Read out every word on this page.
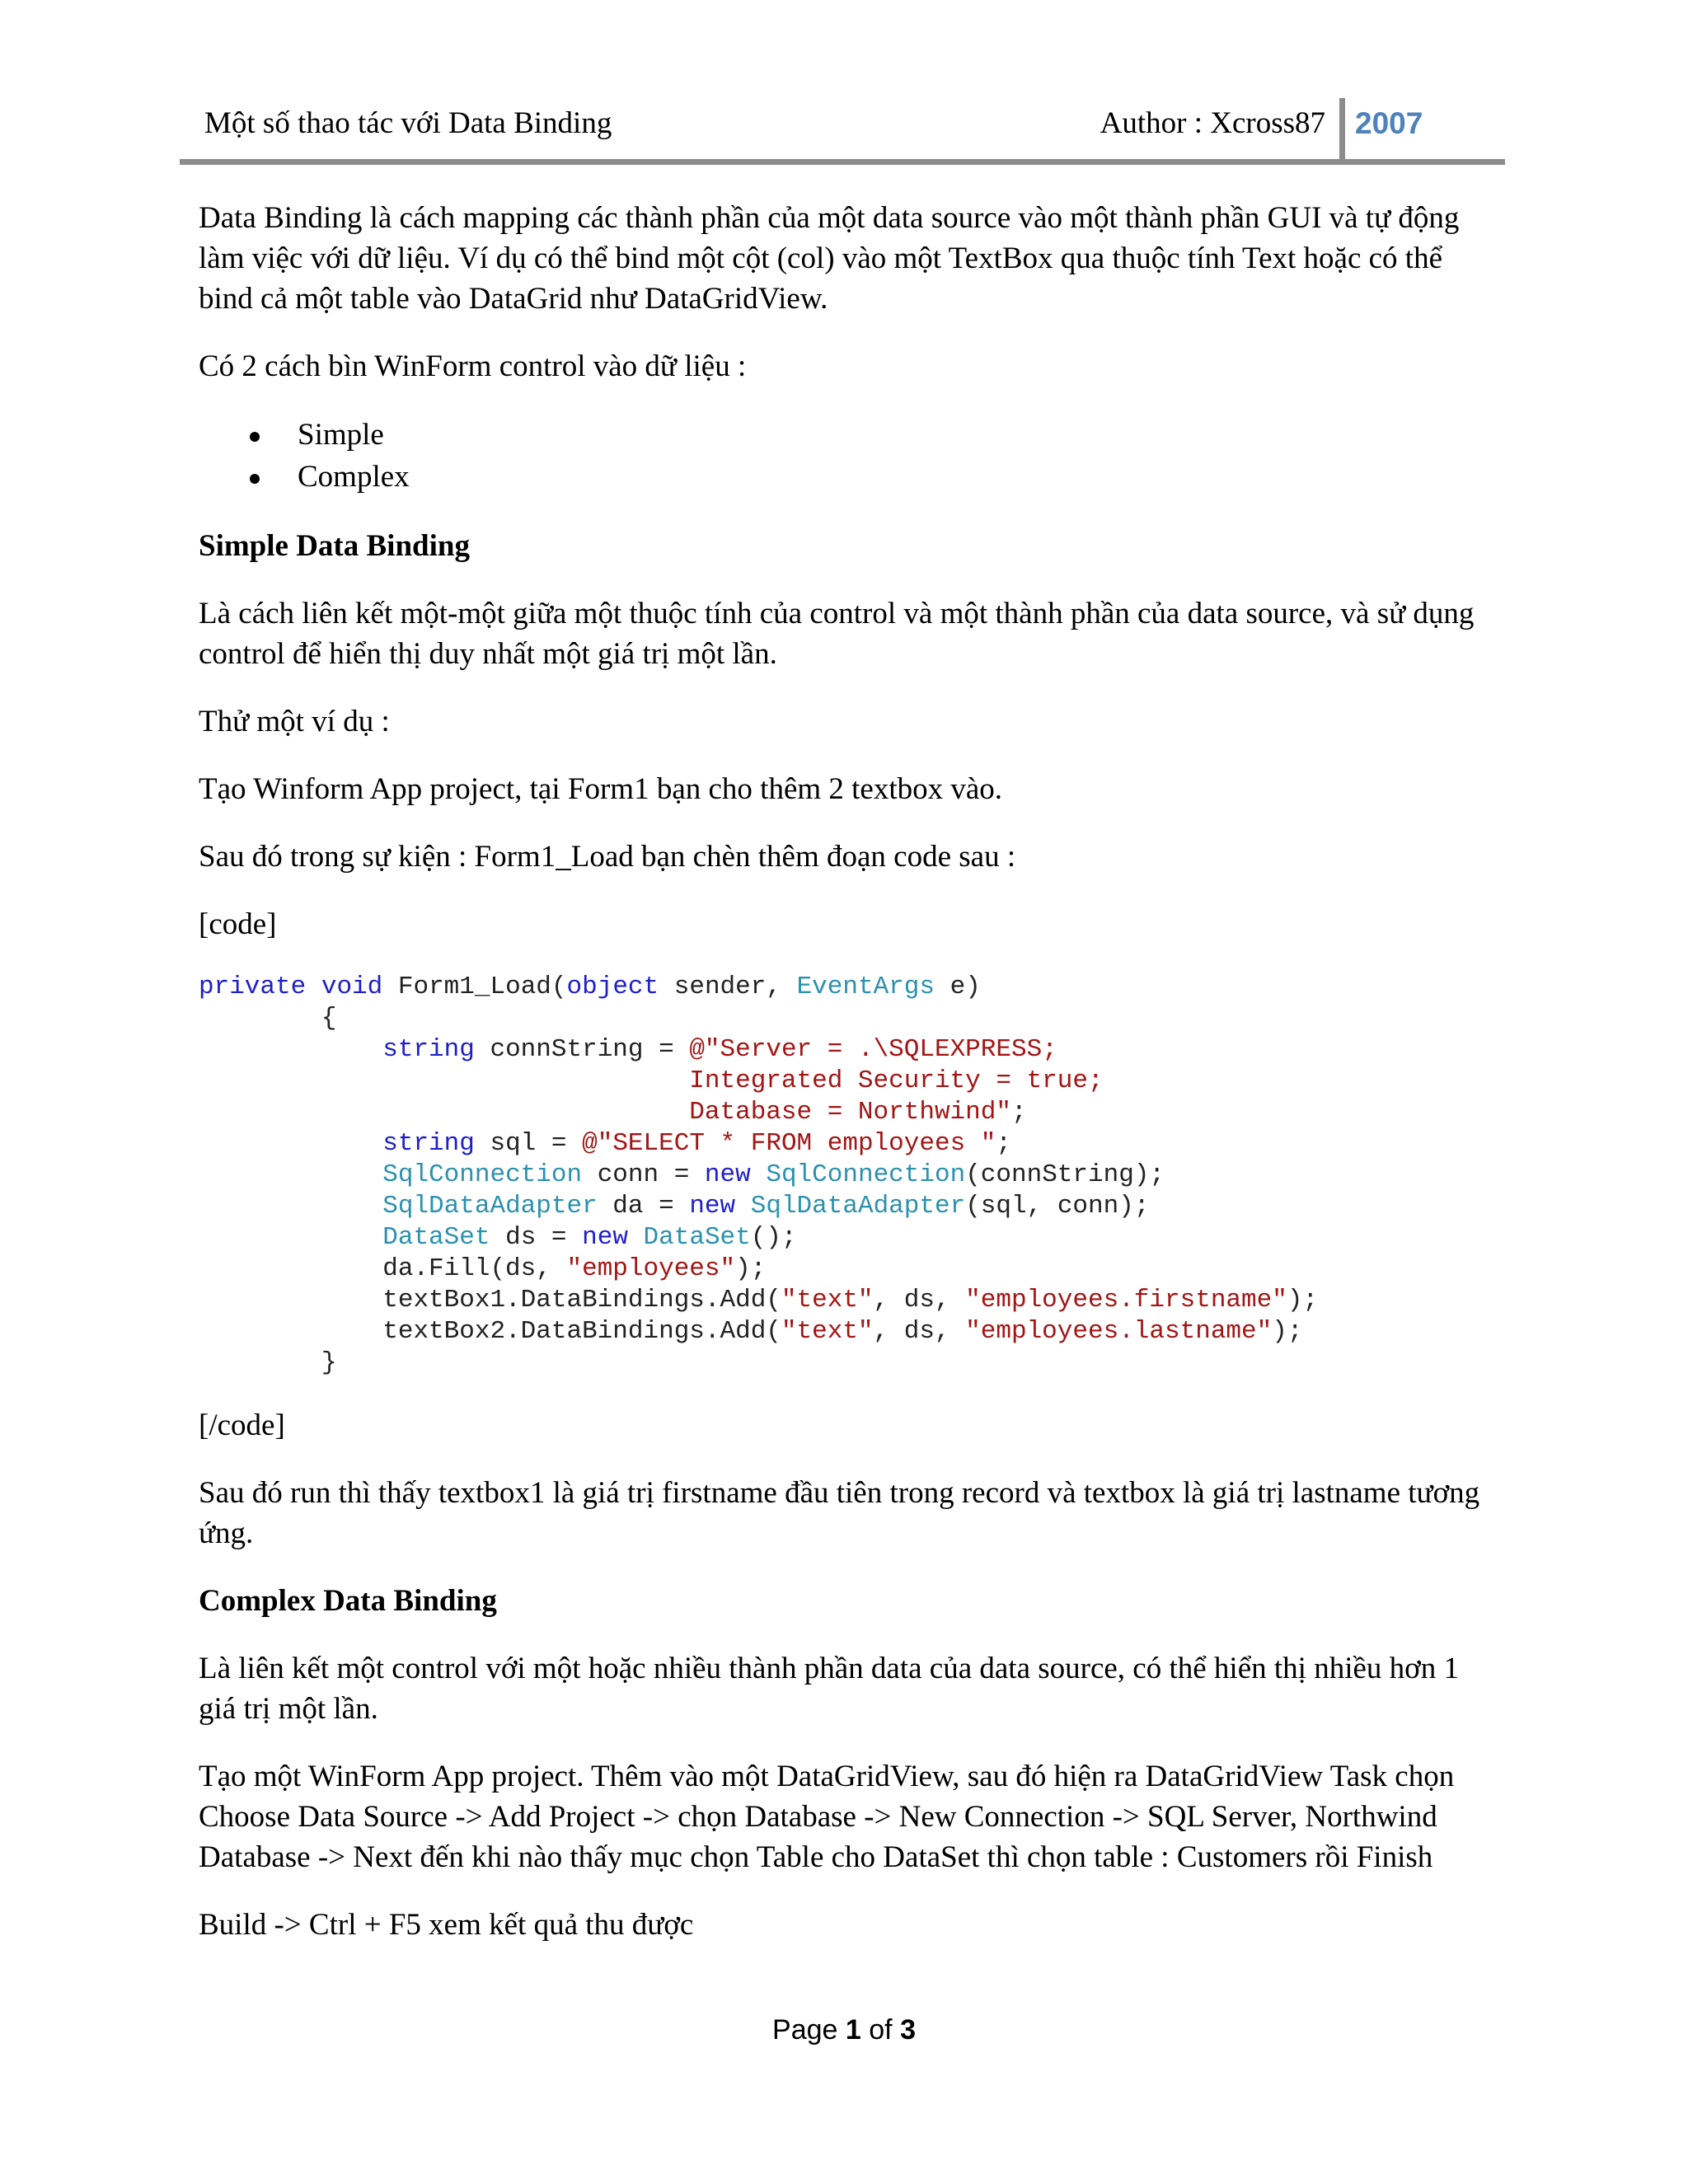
Một số thao tác với Data Binding	Author : Xcross87 2007

Data Binding là cách mapping các thành phần của một data source vào một thành phần GUI và tự động làm việc với dữ liệu. Ví dụ có thể bind một cột (col) vào một TextBox qua thuộc tính Text hoặc có thể bind cả một table vào DataGrid như DataGridView.

Có 2 cách bìn WinForm control vào dữ liệu :

Simple
Complex

Simple Data Binding

Là cách liên kết một-một giữa một thuộc tính của control và một thành phần của data source, và sử dụng control để hiển thị duy nhất một giá trị một lần.

Thử một ví dụ :

Tạo Winform App project, tại Form1 bạn cho thêm 2 textbox vào.

Sau đó trong sự kiện : Form1_Load bạn chèn thêm đoạn code sau :

[code]

private void Form1_Load(object sender, EventArgs e)
{
string connString = @"Server = .\SQLEXPRESS;
Integrated Security = true;
Database = Northwind";
string sql = @"SELECT * FROM employees ";
SqlConnection conn = new SqlConnection(connString);
SqlDataAdapter da = new SqlDataAdapter(sql, conn);
DataSet ds = new DataSet();
da.Fill(ds, "employees");
textBox1.DataBindings.Add("text", ds, "employees.firstname");
textBox2.DataBindings.Add("text", ds, "employees.lastname");
}

[/code]

Sau đó run thì thấy textbox1 là giá trị firstname đầu tiên trong record và textbox là giá trị lastname tương ứng.

Complex Data Binding

Là liên kết một control với một hoặc nhiều thành phần data của data source, có thể hiển thị nhiều hơn 1 giá trị một lần.

Tạo một WinForm App project. Thêm vào một DataGridView, sau đó hiện ra DataGridView Task chọn Choose Data Source -> Add Project -> chọn Database -> New Connection -> SQL Server, Northwind Database -> Next đến khi nào thấy mục chọn Table cho DataSet thì chọn table : Customers rồi Finish

Build -> Ctrl + F5 xem kết quả thu được

Page 1 of 3
